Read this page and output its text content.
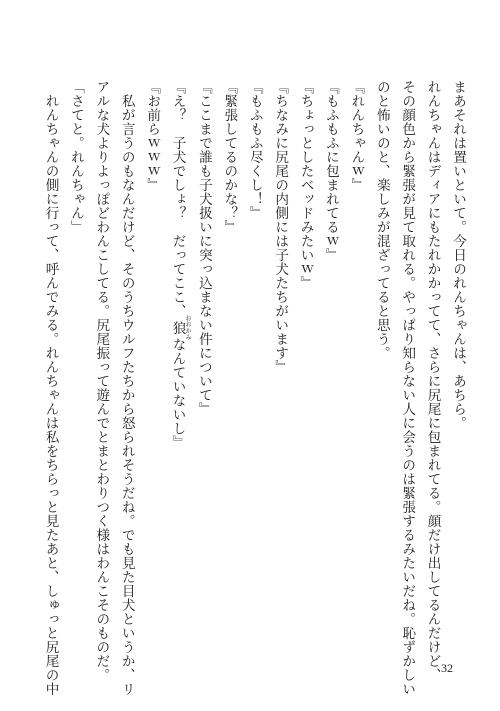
まあそれは置いといて。今日のれんちゃんは、あちら。
れんちゃんはディアにもたれかかってて、さらに尻尾に包まれてる。顔だけ出してるんだけど、
その顔色から緊張が見て取れる。やっぱり知らない人に会うのは緊張するみたいだね。恥ずかしい
のと怖いのと、楽しみが混ざってると思う。
『れんちゃんｗ』
『もふもふに包まれてるｗ』
『ちょっとしたベッドみたいｗ』
『ちなみに尻尾の内側には子犬たちがいます』
『もふもふ尽くし！』
『緊張してるのかな？』
『ここまで誰も子犬扱いに突っ込まない件について』
『え？　子犬でしょ？　だってここ、狼おおかみなんていないし』
『お前らｗｗｗ』
　私が言うのもなんだけど、そのうちウルフたちから怒られそうだね。でも見た目犬というか、リ
アルな犬よりよっぽどわんこしてる。尻尾振って遊んでとまとわりつく様はわんこそのものだ。
「さてと。れんちゃん」
　れんちゃんの側に行って、呼んでみる。れんちゃんは私をちらっと見たあと、しゅっと尻尾の中	32
